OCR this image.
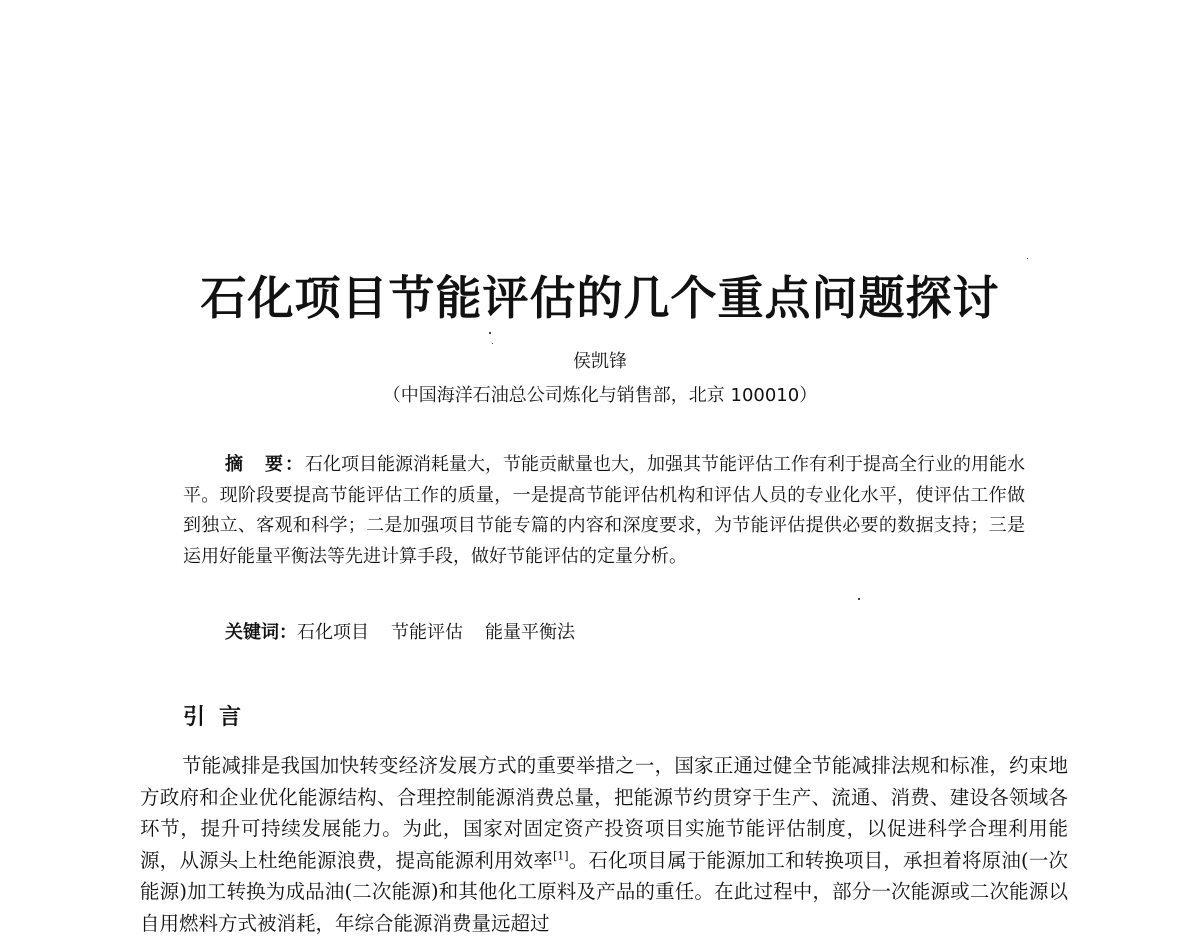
石化项目节能评估的几个重点问题探讨
侯凯锋
（中国海洋石油总公司炼化与销售部，北京 100010）
摘　要：石化项目能源消耗量大，节能贡献量也大，加强其节能评估工作有利于提高全行业的用能水平。现阶段要提高节能评估工作的质量，一是提高节能评估机构和评估人员的专业化水平，使评估工作做到独立、客观和科学；二是加强项目节能专篇的内容和深度要求，为节能评估提供必要的数据支持；三是运用好能量平衡法等先进计算手段，做好节能评估的定量分析。
关键词：石化项目 节能评估 能量平衡法
引言
节能减排是我国加快转变经济发展方式的重要举措之一，国家正通过健全节能减排法规和标准，约束地方政府和企业优化能源结构、合理控制能源消费总量，把能源节约贯穿于生产、流通、消费、建设各领域各环节，提升可持续发展能力。为此，国家对固定资产投资项目实施节能评估制度，以促进科学合理利用能源，从源头上杜绝能源浪费，提高能源利用效率[1]。石化项目属于能源加工和转换项目，承担着将原油(一次能源)加工转换为成品油(二次能源)和其他化工原料及产品的重任。在此过程中，部分一次能源或二次能源以自用燃料方式被消耗，年综合能源消费量远超过
